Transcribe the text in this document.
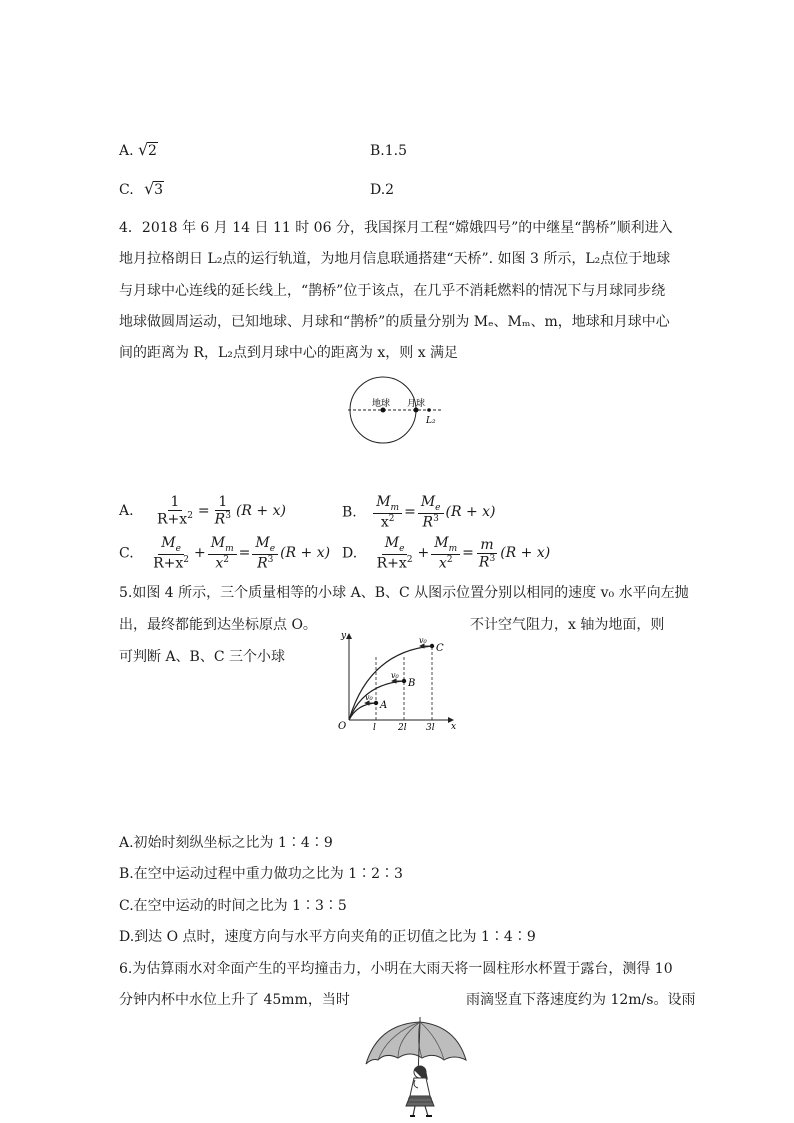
A. √ 2	B.1.5
C. √ 3	D.2
4．2018 年 6 月 14 日 11 时 06 分，我国探月工程“嫦娥四号”的中继星“鹊桥”顺利进入
地月拉格朗日 L₂点的运行轨道，为地月信息联通搭建“天桥”. 如图 3 所示，L₂点位于地球
与月球中心连线的延长线上，“鹊桥”位于该点，在几乎不消耗燃料的情况下与月球同步绕
地球做圆周运动，已知地球、月球和“鹊桥”的质量分别为 Mₑ、Mₘ、m，地球和月球中心
间的距离为 R，L₂点到月球中心的距离为 x，则 x 满足
地球 月球
L₂
A. $\frac{1}{R+x^2} = \frac{1}{R^3} (R + x)$	B. $\frac{M_m}{x^2} = \frac{M_e}{R^3} (R + x)$
C. $\frac{M_e}{R+x^2} + \frac{M_m}{x^2} = \frac{M_e}{R^3} (R + x)$ D. $\frac{M_e}{R+x^2} + \frac{M_m}{x^2} = \frac{m}{R^3} (R + x)$
5.如图 4 所示，三个质量相等的小球 A、B、C 从图示位置分别以相同的速度 v₀ 水平向左抛
出，最终都能到达坐标原点 O。	不计空气阻力，x 轴为地面，则
可判断 A、B、C 三个小球
y
x
O
v₀
v₀
v₀
A
B
C
l 2l 3l
A.初始时刻纵坐标之比为 1∶4∶9
B.在空中运动过程中重力做功之比为 1∶2∶3
C.在空中运动的时间之比为 1∶3∶5
D.到达 O 点时，速度方向与水平方向夹角的正切值之比为 1∶4∶9
6.为估算雨水对伞面产生的平均撞击力，小明在大雨天将一圆柱形水杯置于露台，测得 10
分钟内杯中水位上升了 45mm，当时	雨滴竖直下落速度约为 12m/s。设雨
